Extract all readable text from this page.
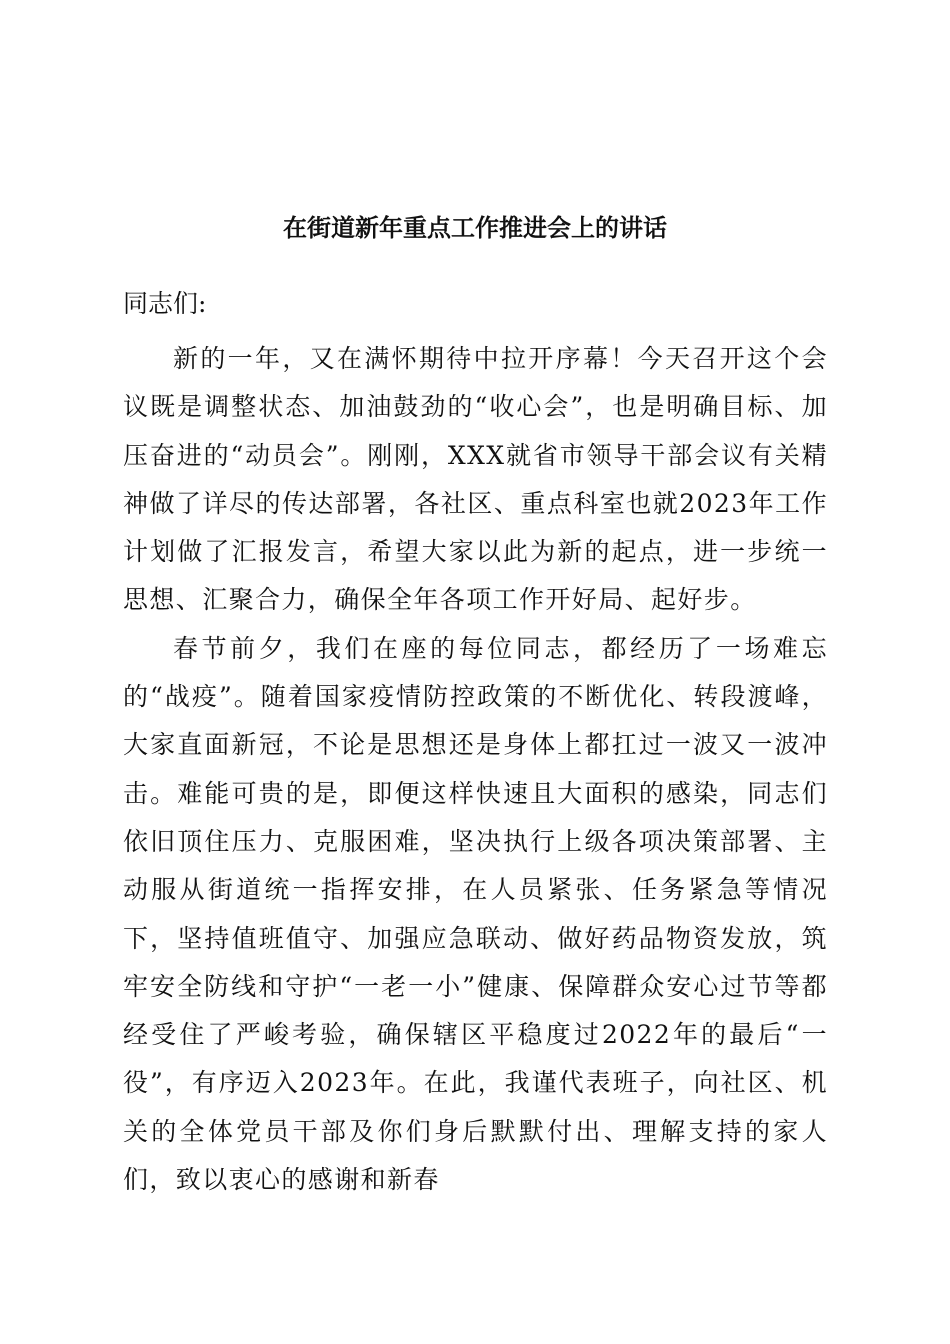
在街道新年重点工作推进会上的讲话
同志们:

新的一年，又在满怀期待中拉开序幕！今天召开这个会议既是调整状态、加油鼓劲的“收心会”，也是明确目标、加压奋进的“动员会”。刚刚，XXX就省市领导干部会议有关精神做了详尽的传达部署，各社区、重点科室也就2023年工作计划做了汇报发言，希望大家以此为新的起点，进一步统一思想、汇聚合力，确保全年各项工作开好局、起好步。

春节前夕，我们在座的每位同志，都经历了一场难忘的“战疫”。随着国家疫情防控政策的不断优化、转段渡峰，大家直面新冠，不论是思想还是身体上都扛过一波又一波冲击。难能可贵的是，即便这样快速且大面积的感染，同志们依旧顶住压力、克服困难，坚决执行上级各项决策部署、主动服从街道统一指挥安排，在人员紧张、任务紧急等情况下，坚持值班值守、加强应急联动、做好药品物资发放，筑牢安全防线和守护“一老一小”健康、保障群众安心过节等都经受住了严峻考验，确保辖区平稳度过2022年的最后“一役”，有序迈入2023年。在此，我谨代表班子，向社区、机关的全体党员干部及你们身后默默付出、理解支持的家人们，致以衷心的感谢和新春
